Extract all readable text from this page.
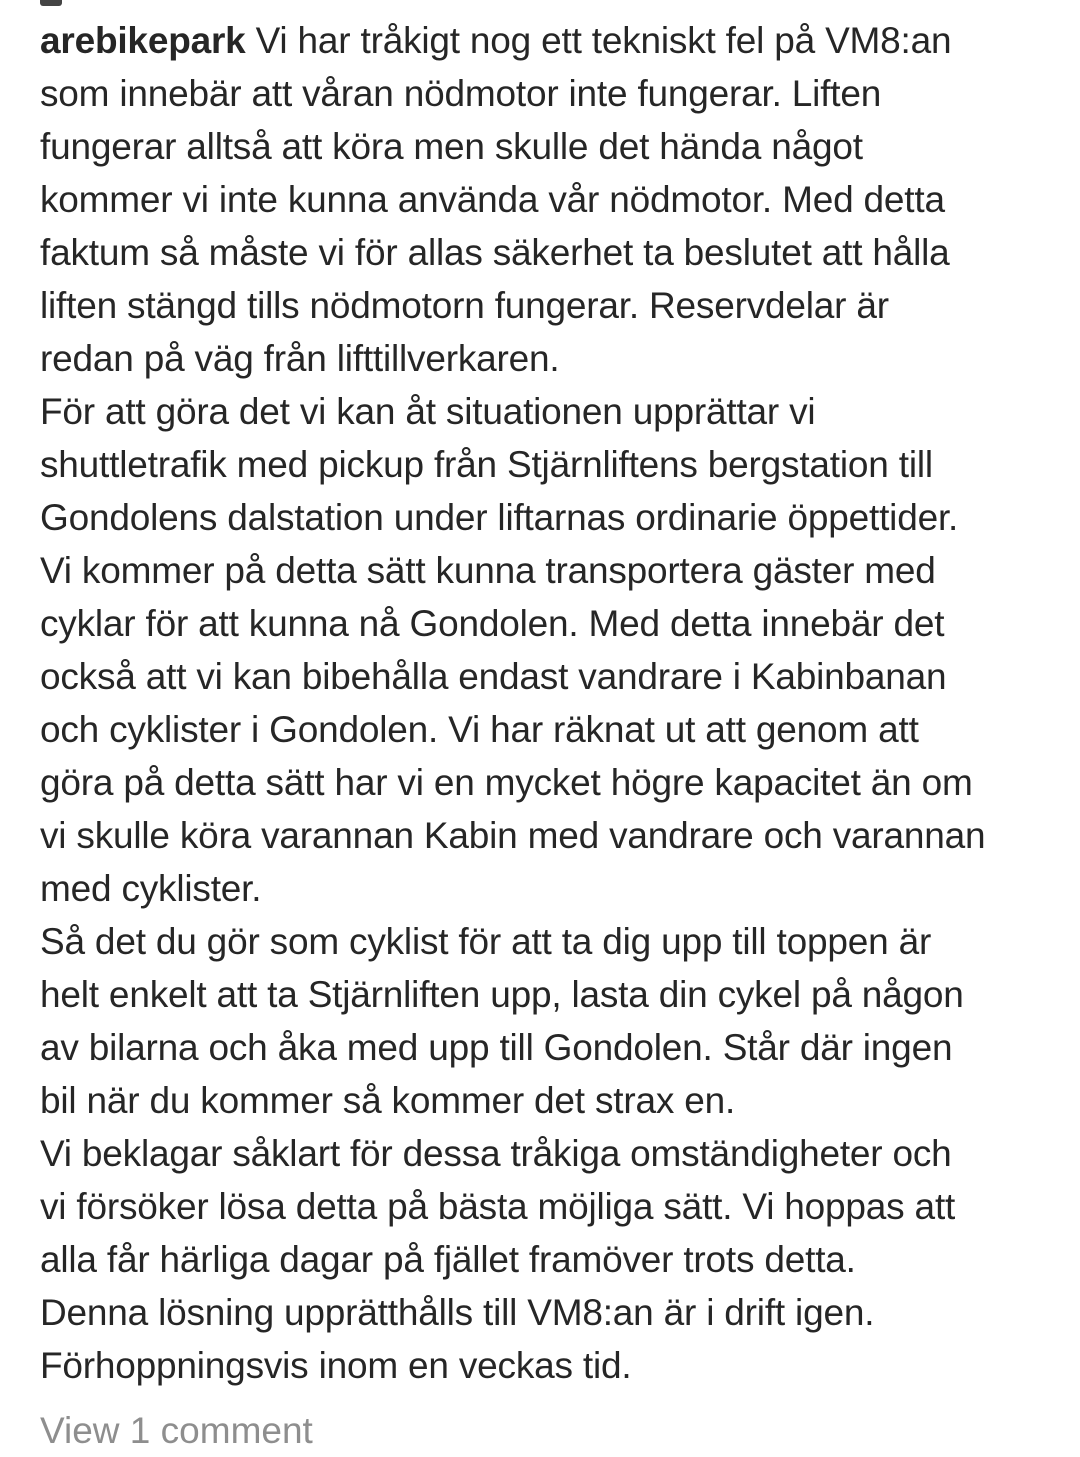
arebikepark Vi har tråkigt nog ett tekniskt fel på VM8:an
som innebär att våran nödmotor inte fungerar. Liften
fungerar alltså att köra men skulle det hända något
kommer vi inte kunna använda vår nödmotor. Med detta
faktum så måste vi för allas säkerhet ta beslutet att hålla
liften stängd tills nödmotorn fungerar. Reservdelar är
redan på väg från lifttillverkaren.
För att göra det vi kan åt situationen upprättar vi
shuttletrafik med pickup från Stjärnliftens bergstation till
Gondolens dalstation under liftarnas ordinarie öppettider.
Vi kommer på detta sätt kunna transportera gäster med
cyklar för att kunna nå Gondolen. Med detta innebär det
också att vi kan bibehålla endast vandrare i Kabinbanan
och cyklister i Gondolen. Vi har räknat ut att genom att
göra på detta sätt har vi en mycket högre kapacitet än om
vi skulle köra varannan Kabin med vandrare och varannan
med cyklister.
Så det du gör som cyklist för att ta dig upp till toppen är
helt enkelt att ta Stjärnliften upp, lasta din cykel på någon
av bilarna och åka med upp till Gondolen. Står där ingen
bil när du kommer så kommer det strax en.
Vi beklagar såklart för dessa tråkiga omständigheter och
vi försöker lösa detta på bästa möjliga sätt. Vi hoppas att
alla får härliga dagar på fjället framöver trots detta.
Denna lösning upprätthålls till VM8:an är i drift igen.
Förhoppningsvis inom en veckas tid.
View 1 comment
